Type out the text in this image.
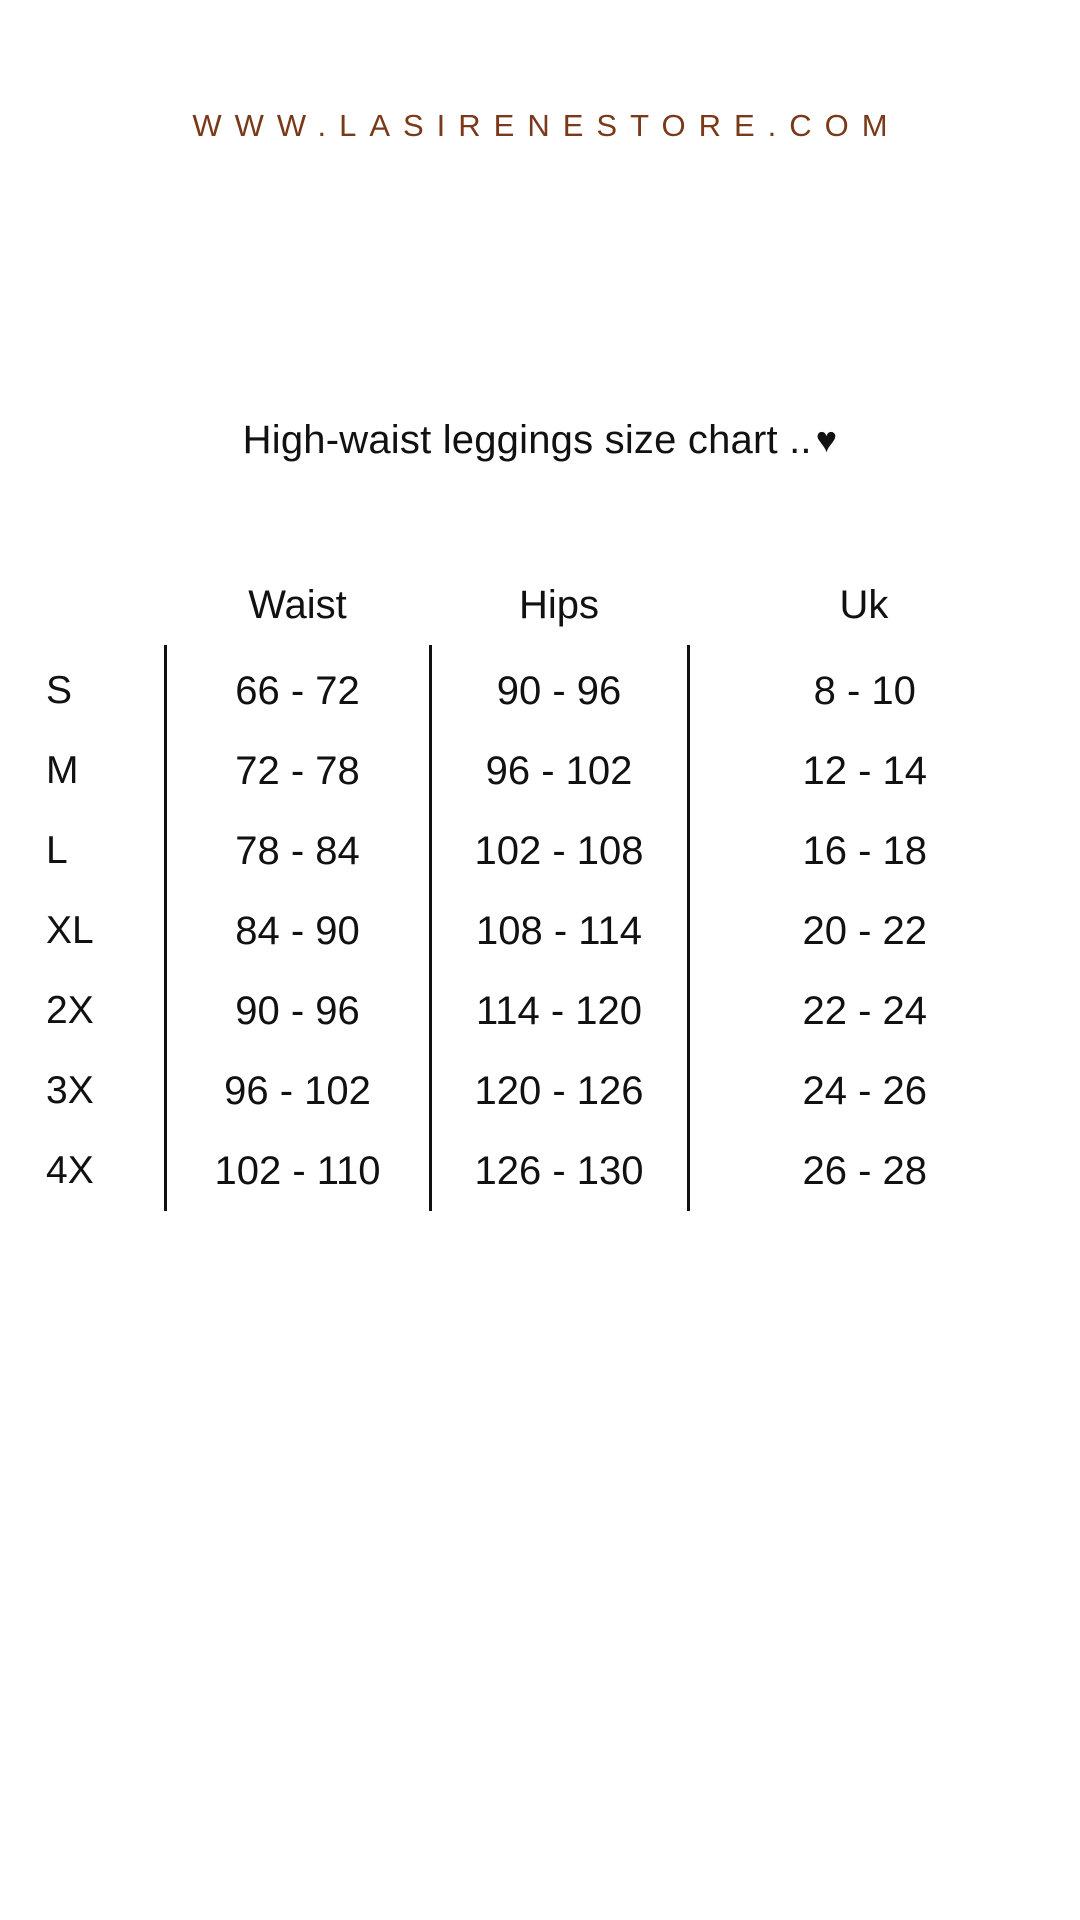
WWW.LASIRENESTORE.COM
High-waist leggings size chart .. ♥
	Waist	Hips	Uk
S	66 - 72	90 - 96	8 - 10
M	72 - 78	96 - 102	12 - 14
L	78 - 84	102 - 108	16 - 18
XL	84 - 90	108 - 114	20 - 22
2X	90 - 96	114 - 120	22 - 24
3X	96 - 102	120 - 126	24 - 26
4X	102 - 110	126 - 130	26 - 28
